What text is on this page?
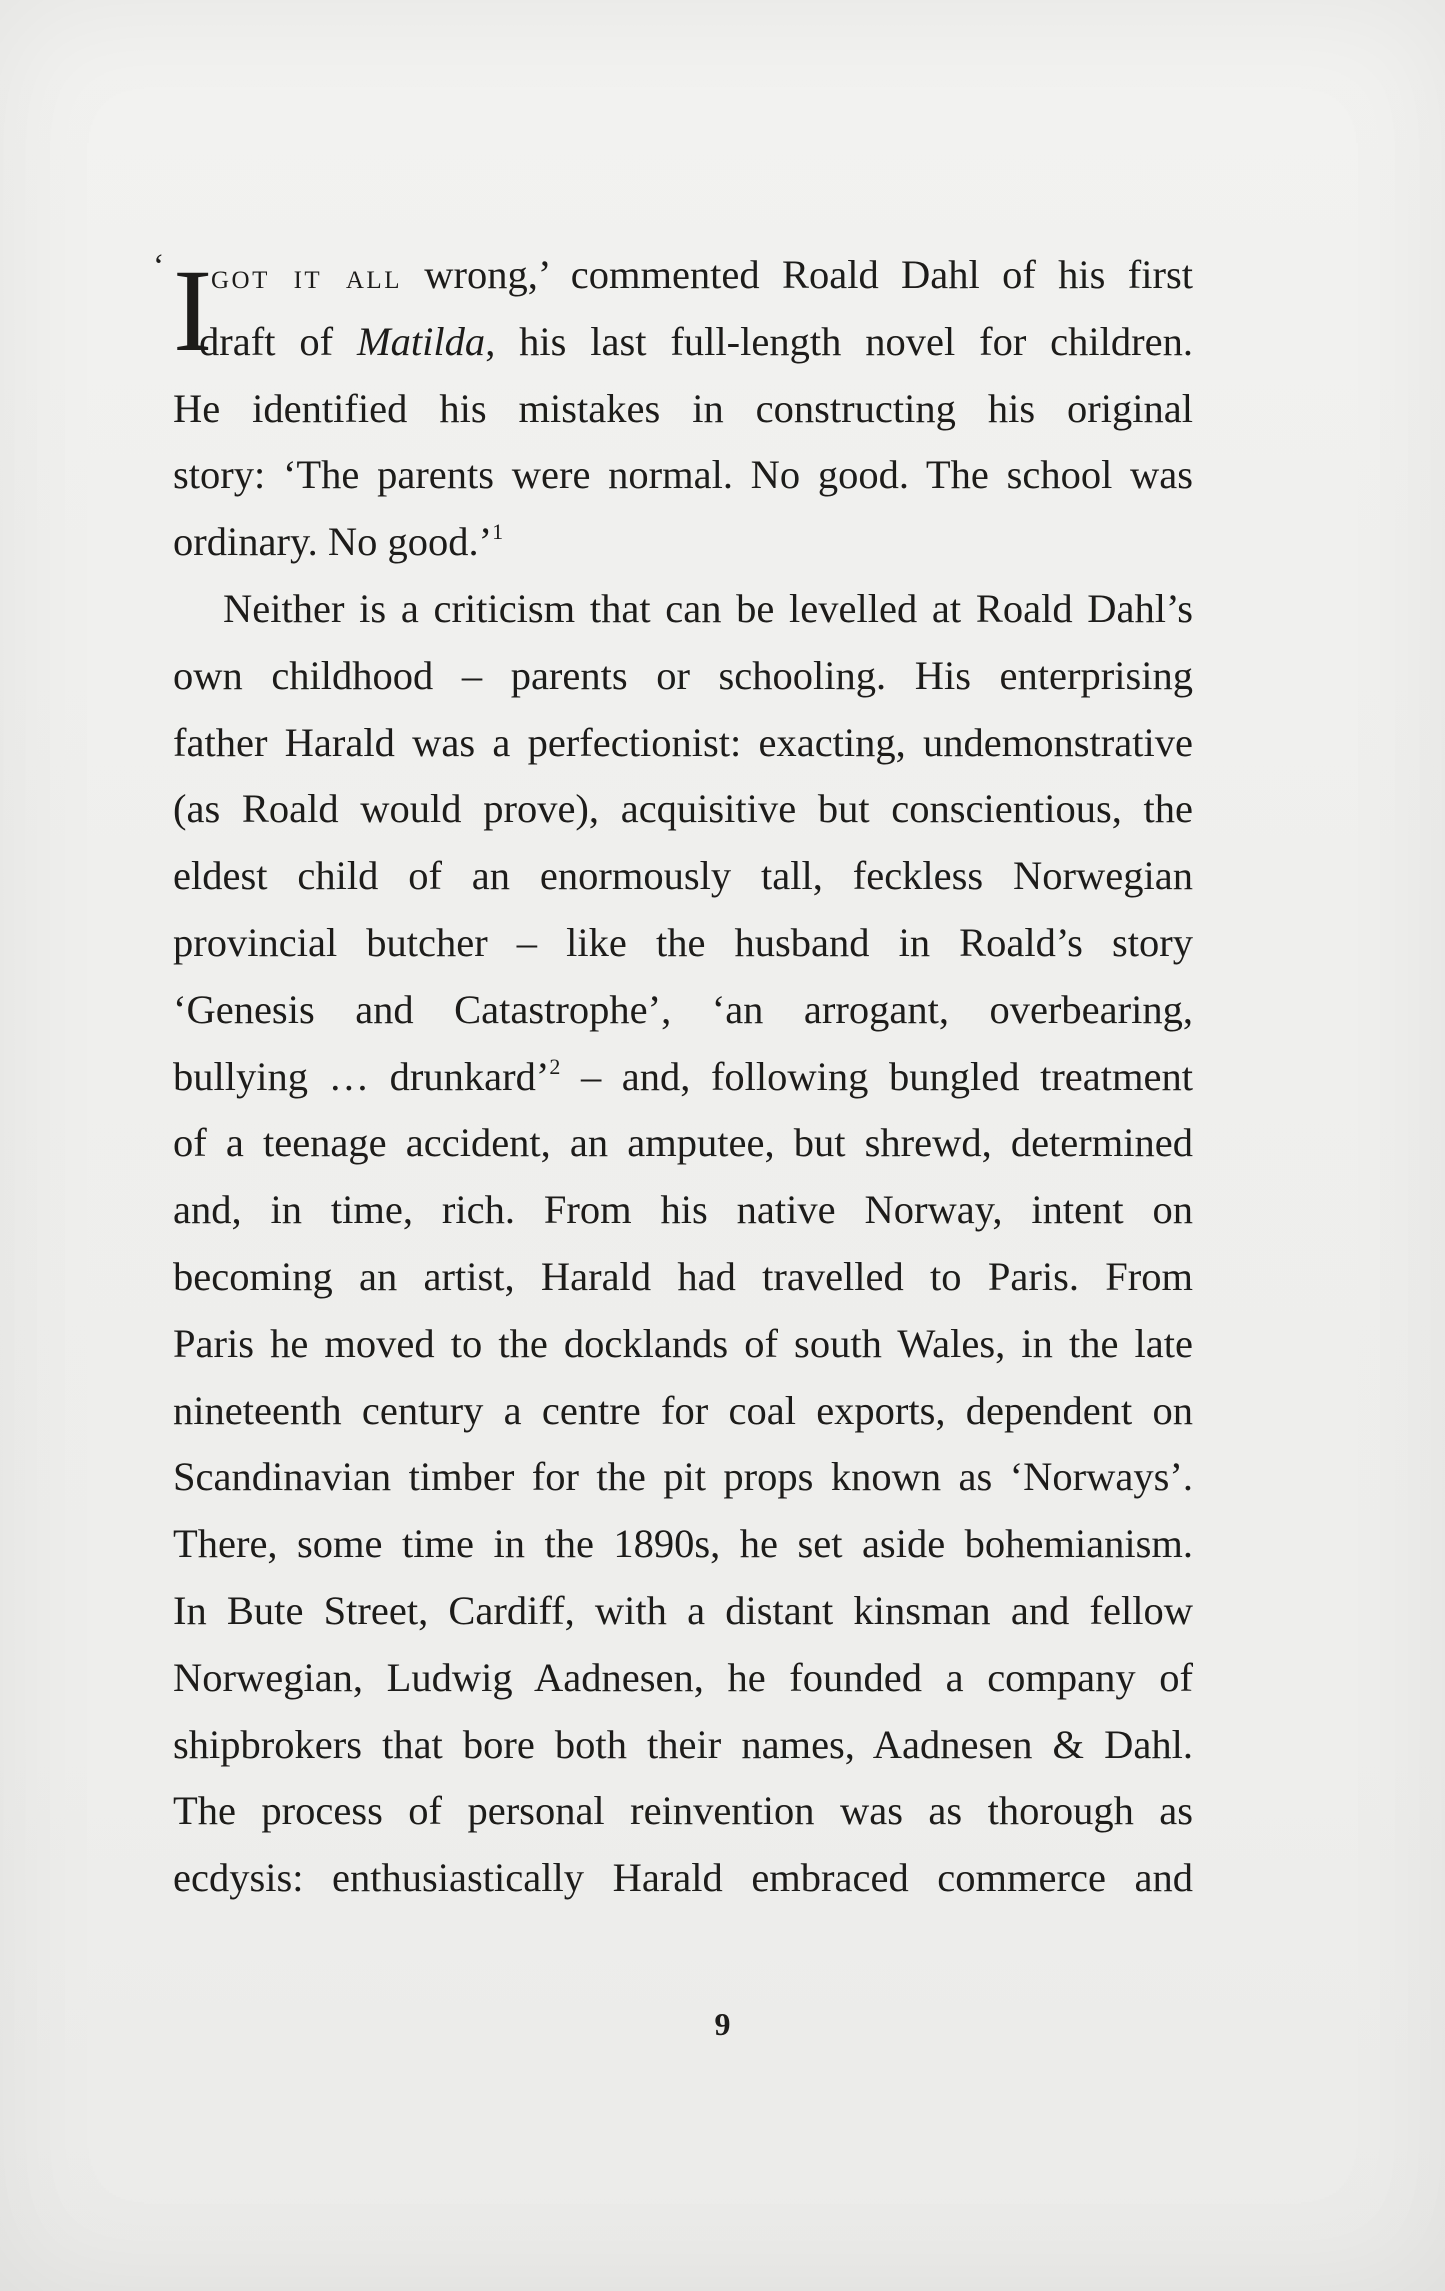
‘ I
got it all wrong,’ commented Roald Dahl of his first
draft of Matilda, his last full-length novel for children.
He identified his mistakes in constructing his original
story: ‘The parents were normal. No good. The school was
ordinary. No good.’$^1$
Neither is a criticism that can be levelled at Roald Dahl’s
own childhood – parents or schooling. His enterprising
father Harald was a perfectionist: exacting, undemonstrative
(as Roald would prove), acquisitive but conscientious, the
eldest child of an enormously tall, feckless Norwegian
provincial butcher – like the husband in Roald’s story
‘Genesis and Catastrophe’, ‘an arrogant, overbearing,
bullying … drunkard’$^2$ – and, following bungled treatment
of a teenage accident, an amputee, but shrewd, determined
and, in time, rich. From his native Norway, intent on
becoming an artist, Harald had travelled to Paris. From
Paris he moved to the docklands of south Wales, in the late
nineteenth century a centre for coal exports, dependent on
Scandinavian timber for the pit props known as ‘Norways’.
There, some time in the 1890s, he set aside bohemianism.
In Bute Street, Cardiff, with a distant kinsman and fellow
Norwegian, Ludwig Aadnesen, he founded a company of
shipbrokers that bore both their names, Aadnesen & Dahl.
The process of personal reinvention was as thorough as
ecdysis: enthusiastically Harald embraced commerce and
9
